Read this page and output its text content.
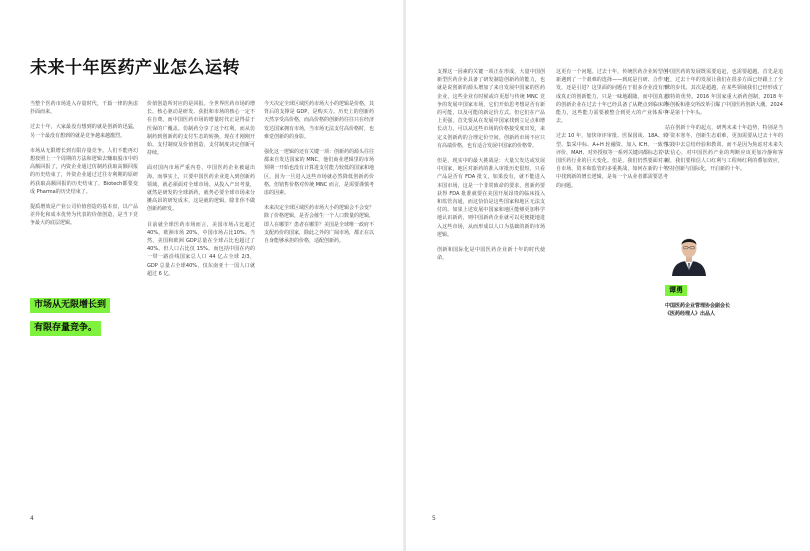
未来十年医药产业怎么运转

当整个医药市场进入存量时代，千篇一律的焦虑扑面而来。

过去十年，大家最没有想到的就是创新的迅猛，另一个最没有想到的就是竞争越来越激烈。

市场从无限增长到有限存量竞争。人们不能再幻想按照上一个周期的方法和逻辑去赚取股市中的高额回报了，内资企业通过仿制药获取高额回报的历史结束了，外资企业通过过往专利期的原研药获取高额回报的历史结束了，Biotech都要变成 Pharma的历史结束了。

提质增效是产业公司价值创造的基本盘，以产品差异化和成本优势为代表的价值创造，是当下竞争最大的底层逻辑。

价值创造所对应的是回报。全世界医药市场的增长，核心驱动是研发、获批和市场的核心一定不在自费。而中国医药市场的增量时代正是得益于医保的广覆盖。仿制药分享了这个红利。而从仿制药到创新药的支付生态的转换，现在才刚刚开始。支付制度及价值创造，支付制度决定创新可持续。

面对国内市场严重内卷，中国医药企业被逼出海。而事实上，只要中国医药企业进入到创新药领域，就必须面对全球市场。从投入产出考量，就然是研发的全球新药，就势必要全球市场来分摊高昂的研发成本。这是就的逻辑，除非你不做创新药研发。

目前就全球医药市场而言，美国市场占比超过 40%，欧洲市场 20%，中国市场占比10%。当然，美国和欧洲 GDP总量在全球占比也超过了 40%。但人口占比仅 15%。而包括中国在内的一带一路沿线国家总人口 44 亿占全球 2/3，GDP 总量占全球40%，仅东南亚十一国人口就超过 6 亿。

今天决定全球区域医药市场大小的逻辑是价格，其背后的支撑是 GDP，是购买力。历史上的创新药天然享受高价格，而高价格的创新药往往只在经济发达国家拥有市场，当市场无法支付高价格时，也难觉创新的的身影。

强化这一逻辑的还有关键一项：创新药的源头往往都来自发达国家的 MNC，他们商业逻辑里的市场预期一开始也没有计算进支付能力较低的国家和地区。因为一旦进入这些市场就必然降低创新药价格。但销售价格对传统 MNC 而言，是需要谨慎考虑的因素。

未来决定全球区域医药市场大小的逻辑会不会变？除了价格逻辑，是否会催生一个人口数量的逻辑，即人在哪里？患者在哪里？美国是全球唯一政府不支配药价的国家，除此之外的广阔市场，都正在以自身能够承担的价格，适配创新药。

市场从无限增长到
有限存量竞争。
4

支撑这一因素的关键一项正在形成，大量中国创新型医药企业具备了研发制造创新药的能力，也就是说创新的源头增加了来自发展中国家的医药企业，这些企业有时候或许更愿与传统 MNC 竞争的发展中国家市场，它们开始思考想是否有新的可能，以及可能的新定价方式。但它们在产品上更强，首先要从在发展中国家找到立足点和增长动力，可以从这些市场的价格接受度出发，来定义创新药的合理定价空间。创新药市场不应只有高端价格，也有适合发展中国家的价格带。

但是，现实中的最大挑战是：大量欠发达或发展中国家，地区对新药的准入审批历史很短，只看产品是否有 FDA 批文，如果没有，就不能进入本国市场，这是一个非常致命的要求，创新药要获得 FDA 批准就要在美国开展昂贵的临床投入和监管沟通，而这恰恰是这些国家和地区无法支付的。如果上述发展中国家和地区能够更加科学地认识新药，则中国新药企业就可以更便捷地进入这些市场，从而形成以人口为基础的新的市场逻辑。

创新和国际化是中国医药企业新十年的时代使命。

这更有一个问题。过去十年，传统医药企业转型创新遇到了一个艰难的选择——到底是自研、合作开发，还是引进？这里面的问题在于很多企业没有形成真正的创新能力，只是一味地跟随。而中国真正的创新企业在过去十年已经具备了从靶点到临床的能力，这些能力需要被整合到更大的产业体系中去。

过去 10 年，加快审评审批、医保国谈、18A、转型、集采中标、A+H 轮融资、加入 ICH、一致性评价、MAH、对外授权等一系列关键词都标志着中国医药行业的巨大变化。但是，我们仍然要面对来自市场、资本和监管的多重挑战，如何在新的十年中找到新的增长逻辑，是每一个从业者都需要思考的问题。

中国医药的发展既需要追赶，也需要超越。首先是追赶，过去十年的发展让我们在很多方面已经跟上了全球的步伐。其次是超越，在某些领域我们已经形成了独特的优势。2016 年国家重大新药创制，2018 年科创板和港交所改革引爆了中国医药创新大潮。2024 年是第十个年头。

站在创新十年的起点，研判未来十年趋势，特别是当下资本寒冬，创新生态艰难，更加需要从过去十年的实践中去总结经验和教训。而不是因为焦虑对未来失去信心，对中国医药产业的判断应该更加冷静和客观，我们要相信人口红利与工程师红利的叠加效应，坚持创新与国际化，开启新的十年。

谭勇
中国医药企业管理协会副会长
《医药经理人》出品人
5
